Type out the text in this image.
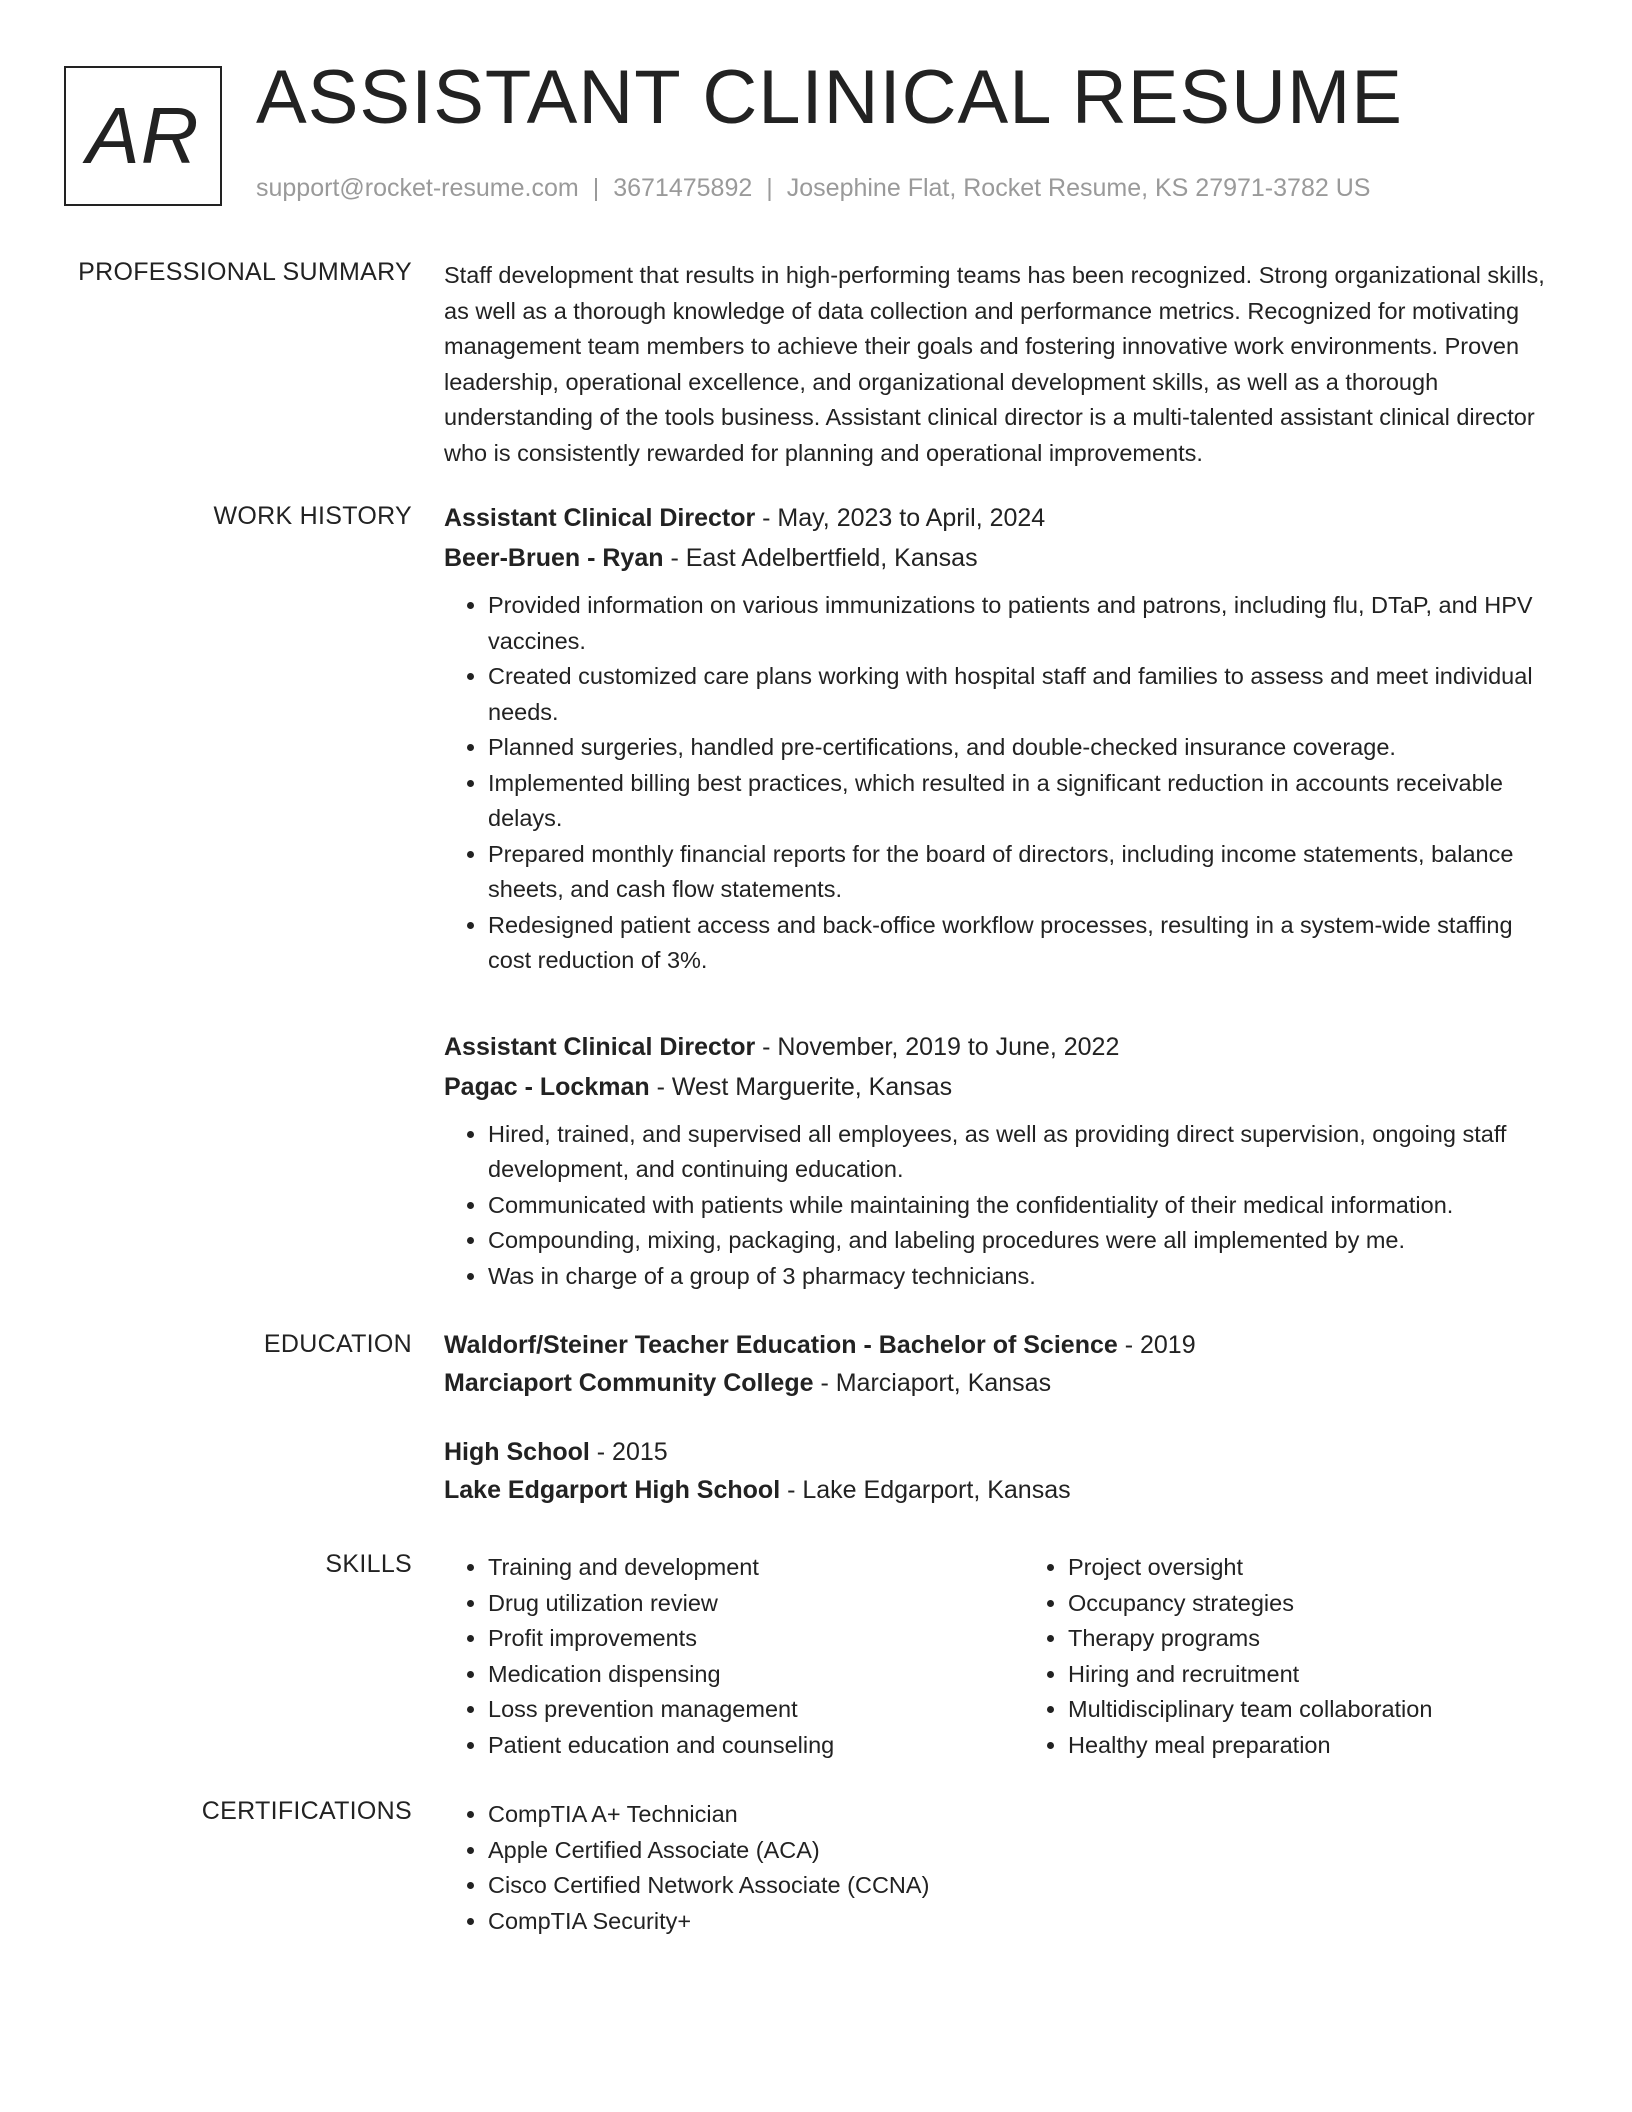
AR ASSISTANT CLINICAL RESUME
support@rocket-resume.com | 3671475892 | Josephine Flat, Rocket Resume, KS 27971-3782 US
PROFESSIONAL SUMMARY Staff development that results in high-performing teams has been recognized. Strong organizational skills, as well as a thorough knowledge of data collection and performance metrics. Recognized for motivating management team members to achieve their goals and fostering innovative work environments. Proven leadership, operational excellence, and organizational development skills, as well as a thorough understanding of the tools business. Assistant clinical director is a multi-talented assistant clinical director who is consistently rewarded for planning and operational improvements.

WORK HISTORY Assistant Clinical Director - May, 2023 to April, 2024
Beer-Bruen - Ryan - East Adelbertfield, Kansas
• Provided information on various immunizations to patients and patrons, including flu, DTaP, and HPV vaccines.
• Created customized care plans working with hospital staff and families to assess and meet individual needs.
• Planned surgeries, handled pre-certifications, and double-checked insurance coverage.
• Implemented billing best practices, which resulted in a significant reduction in accounts receivable delays.
• Prepared monthly financial reports for the board of directors, including income statements, balance sheets, and cash flow statements.
• Redesigned patient access and back-office workflow processes, resulting in a system-wide staffing cost reduction of 3%.
Assistant Clinical Director - November, 2019 to June, 2022
Pagac - Lockman - West Marguerite, Kansas
• Hired, trained, and supervised all employees, as well as providing direct supervision, ongoing staff development, and continuing education.
• Communicated with patients while maintaining the confidentiality of their medical information.
• Compounding, mixing, packaging, and labeling procedures were all implemented by me.
• Was in charge of a group of 3 pharmacy technicians.
EDUCATION Waldorf/Steiner Teacher Education - Bachelor of Science - 2019
Marciaport Community College - Marciaport, Kansas
High School - 2015
Lake Edgarport High School - Lake Edgarport, Kansas
SKILLS	• Training and development
• Drug utilization review
• Profit improvements
• Medication dispensing
• Loss prevention management
• Patient education and counseling
• Project oversight
• Occupancy strategies
• Therapy programs
• Hiring and recruitment
• Multidisciplinary team collaboration
• Healthy meal preparation
CERTIFICATIONS	• CompTIA A+ Technician
• Apple Certified Associate (ACA)
• Cisco Certified Network Associate (CCNA)
• CompTIA Security+
